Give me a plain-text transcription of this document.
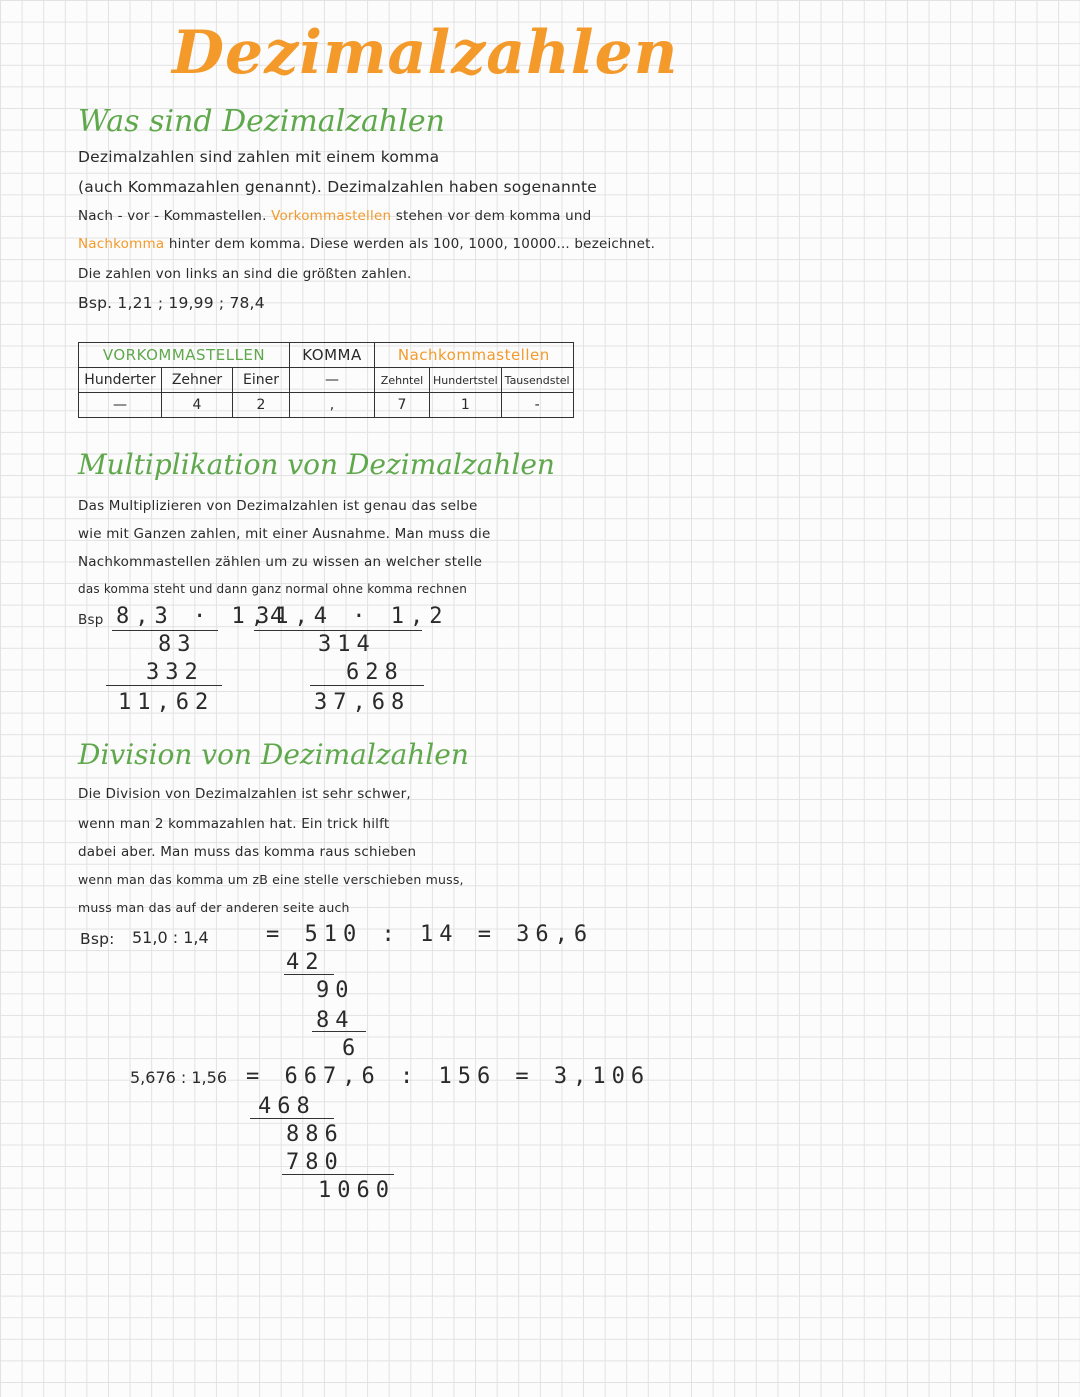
Dezimalzahlen
Was sind Dezimalzahlen
Dezimalzahlen sind zahlen mit einem komma
(auch Kommazahlen genannt). Dezimalzahlen haben sogenannte
Nach - vor - Kommastellen. Vorkommastellen stehen vor dem komma und
Nachkomma hinter dem komma. Diese werden als 100, 1000, 10000... bezeichnet.
Die zahlen von links an sind die größten zahlen.
Bsp. 1,21 ; 19,99 ; 78,4
VORKOMMASTELLEN			KOMMA	Nachkommastellen		
Hunderter	Zehner	Einer	—	Zehntel	Hundertstel	Tausendstel
—	4	2	,	7	1	-
Multiplikation von Dezimalzahlen
Das Multiplizieren von Dezimalzahlen ist genau das selbe
wie mit Ganzen zahlen, mit einer Ausnahme. Man muss die
Nachkommastellen zählen um zu wissen an welcher stelle
das komma steht und dann ganz normal ohne komma rechnen
Bsp 8,3 · 1,4
83
332
11,62
31,4 · 1,2
314
628
37,68
Division von Dezimalzahlen
Die Division von Dezimalzahlen ist sehr schwer,
wenn man 2 kommazahlen hat. Ein trick hilft
dabei aber. Man muss das komma raus schieben
wenn man das komma um zB eine stelle verschieben muss,
muss man das auf der anderen seite auch
Bsp: 51,0 : 1,4	= 510 : 14 = 36,6
42
90
84
6
5,676 : 1,56 = 667,6 : 156 = 3,106
468
886
780
1060
